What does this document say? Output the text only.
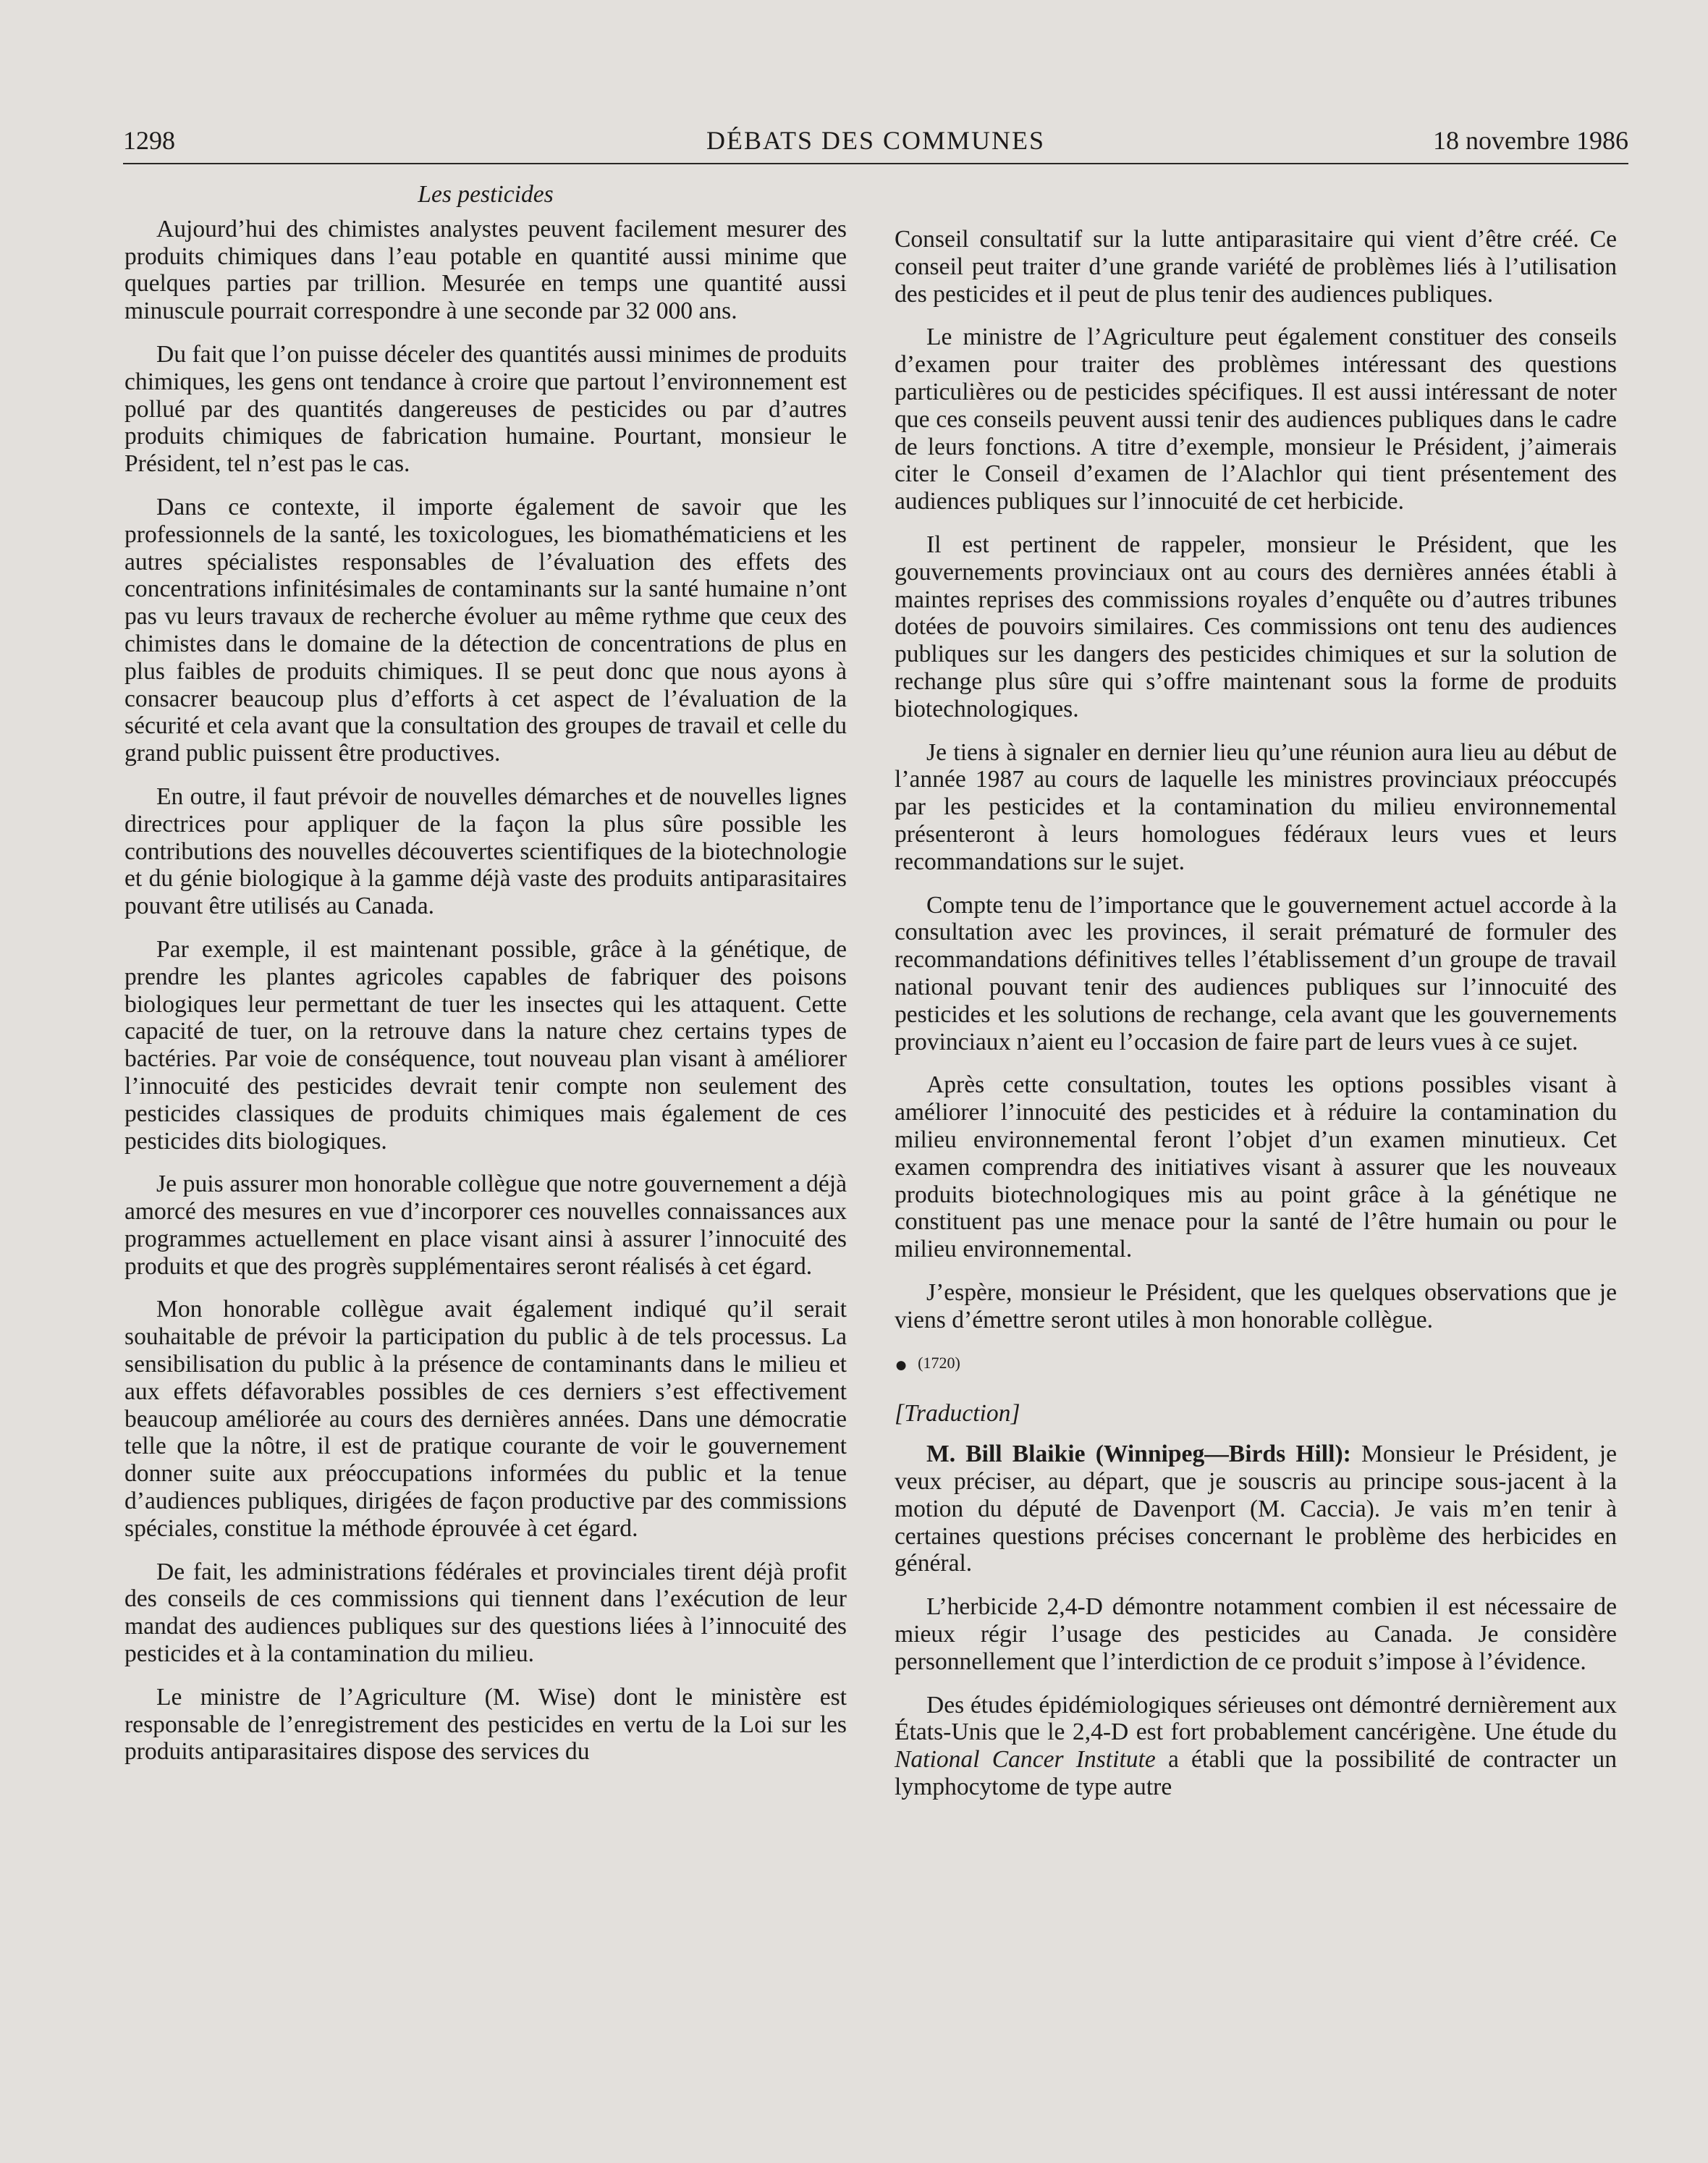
1298	DÉBATS DES COMMUNES	18 novembre 1986
Les pesticides

Aujourd’hui des chimistes analystes peuvent facilement mesurer des produits chimiques dans l’eau potable en quantité aussi minime que quelques parties par trillion. Mesurée en temps une quantité aussi minuscule pourrait correspondre à une seconde par 32 000 ans.

Du fait que l’on puisse déceler des quantités aussi minimes de produits chimiques, les gens ont tendance à croire que partout l’environnement est pollué par des quantités dangereuses de pesticides ou par d’autres produits chimiques de fabrication humaine. Pourtant, monsieur le Président, tel n’est pas le cas.

Dans ce contexte, il importe également de savoir que les professionnels de la santé, les toxicologues, les biomathématiciens et les autres spécialistes responsables de l’évaluation des effets des concentrations infinitésimales de contaminants sur la santé humaine n’ont pas vu leurs travaux de recherche évoluer au même rythme que ceux des chimistes dans le domaine de la détection de concentrations de plus en plus faibles de produits chimiques. Il se peut donc que nous ayons à consacrer beaucoup plus d’efforts à cet aspect de l’évaluation de la sécurité et cela avant que la consultation des groupes de travail et celle du grand public puissent être productives.

En outre, il faut prévoir de nouvelles démarches et de nouvelles lignes directrices pour appliquer de la façon la plus sûre possible les contributions des nouvelles découvertes scientifiques de la biotechnologie et du génie biologique à la gamme déjà vaste des produits antiparasitaires pouvant être utilisés au Canada.

Par exemple, il est maintenant possible, grâce à la génétique, de prendre les plantes agricoles capables de fabriquer des poisons biologiques leur permettant de tuer les insectes qui les attaquent. Cette capacité de tuer, on la retrouve dans la nature chez certains types de bactéries. Par voie de conséquence, tout nouveau plan visant à améliorer l’innocuité des pesticides devrait tenir compte non seulement des pesticides classiques de produits chimiques mais également de ces pesticides dits biologiques.

Je puis assurer mon honorable collègue que notre gouvernement a déjà amorcé des mesures en vue d’incorporer ces nouvelles connaissances aux programmes actuellement en place visant ainsi à assurer l’innocuité des produits et que des progrès supplémentaires seront réalisés à cet égard.

Mon honorable collègue avait également indiqué qu’il serait souhaitable de prévoir la participation du public à de tels processus. La sensibilisation du public à la présence de contaminants dans le milieu et aux effets défavorables possibles de ces derniers s’est effectivement beaucoup améliorée au cours des dernières années. Dans une démocratie telle que la nôtre, il est de pratique courante de voir le gouvernement donner suite aux préoccupations informées du public et la tenue d’audiences publiques, dirigées de façon productive par des commissions spéciales, constitue la méthode éprouvée à cet égard.

De fait, les administrations fédérales et provinciales tirent déjà profit des conseils de ces commissions qui tiennent dans l’exécution de leur mandat des audiences publiques sur des questions liées à l’innocuité des pesticides et à la contamination du milieu.

Le ministre de l’Agriculture (M. Wise) dont le ministère est responsable de l’enregistrement des pesticides en vertu de la Loi sur les produits antiparasitaires dispose des services du

Conseil consultatif sur la lutte antiparasitaire qui vient d’être créé. Ce conseil peut traiter d’une grande variété de problèmes liés à l’utilisation des pesticides et il peut de plus tenir des audiences publiques.

Le ministre de l’Agriculture peut également constituer des conseils d’examen pour traiter des problèmes intéressant des questions particulières ou de pesticides spécifiques. Il est aussi intéressant de noter que ces conseils peuvent aussi tenir des audiences publiques dans le cadre de leurs fonctions. A titre d’exemple, monsieur le Président, j’aimerais citer le Conseil d’examen de l’Alachlor qui tient présentement des audiences publiques sur l’innocuité de cet herbicide.

Il est pertinent de rappeler, monsieur le Président, que les gouvernements provinciaux ont au cours des dernières années établi à maintes reprises des commissions royales d’enquête ou d’autres tribunes dotées de pouvoirs similaires. Ces commissions ont tenu des audiences publiques sur les dangers des pesticides chimiques et sur la solution de rechange plus sûre qui s’offre maintenant sous la forme de produits biotechnologiques.

Je tiens à signaler en dernier lieu qu’une réunion aura lieu au début de l’année 1987 au cours de laquelle les ministres provinciaux préoccupés par les pesticides et la contamination du milieu environnemental présenteront à leurs homologues fédéraux leurs vues et leurs recommandations sur le sujet.

Compte tenu de l’importance que le gouvernement actuel accorde à la consultation avec les provinces, il serait prématuré de formuler des recommandations définitives telles l’établissement d’un groupe de travail national pouvant tenir des audiences publiques sur l’innocuité des pesticides et les solutions de rechange, cela avant que les gouvernements provinciaux n’aient eu l’occasion de faire part de leurs vues à ce sujet.

Après cette consultation, toutes les options possibles visant à améliorer l’innocuité des pesticides et à réduire la contamination du milieu environnemental feront l’objet d’un examen minutieux. Cet examen comprendra des initiatives visant à assurer que les nouveaux produits biotechnologiques mis au point grâce à la génétique ne constituent pas une menace pour la santé de l’être humain ou pour le milieu environnemental.

J’espère, monsieur le Président, que les quelques observations que je viens d’émettre seront utiles à mon honorable collègue.

● (1720)
[Traduction]

M. Bill Blaikie (Winnipeg—Birds Hill): Monsieur le Président, je veux préciser, au départ, que je souscris au principe sous-jacent à la motion du député de Davenport (M. Caccia). Je vais m’en tenir à certaines questions précises concernant le problème des herbicides en général.

L’herbicide 2,4-D démontre notamment combien il est nécessaire de mieux régir l’usage des pesticides au Canada. Je considère personnellement que l’interdiction de ce produit s’impose à l’évidence.

Des études épidémiologiques sérieuses ont démontré dernièrement aux États-Unis que le 2,4-D est fort probablement cancérigène. Une étude du National Cancer Institute a établi que la possibilité de contracter un lymphocytome de type autre
